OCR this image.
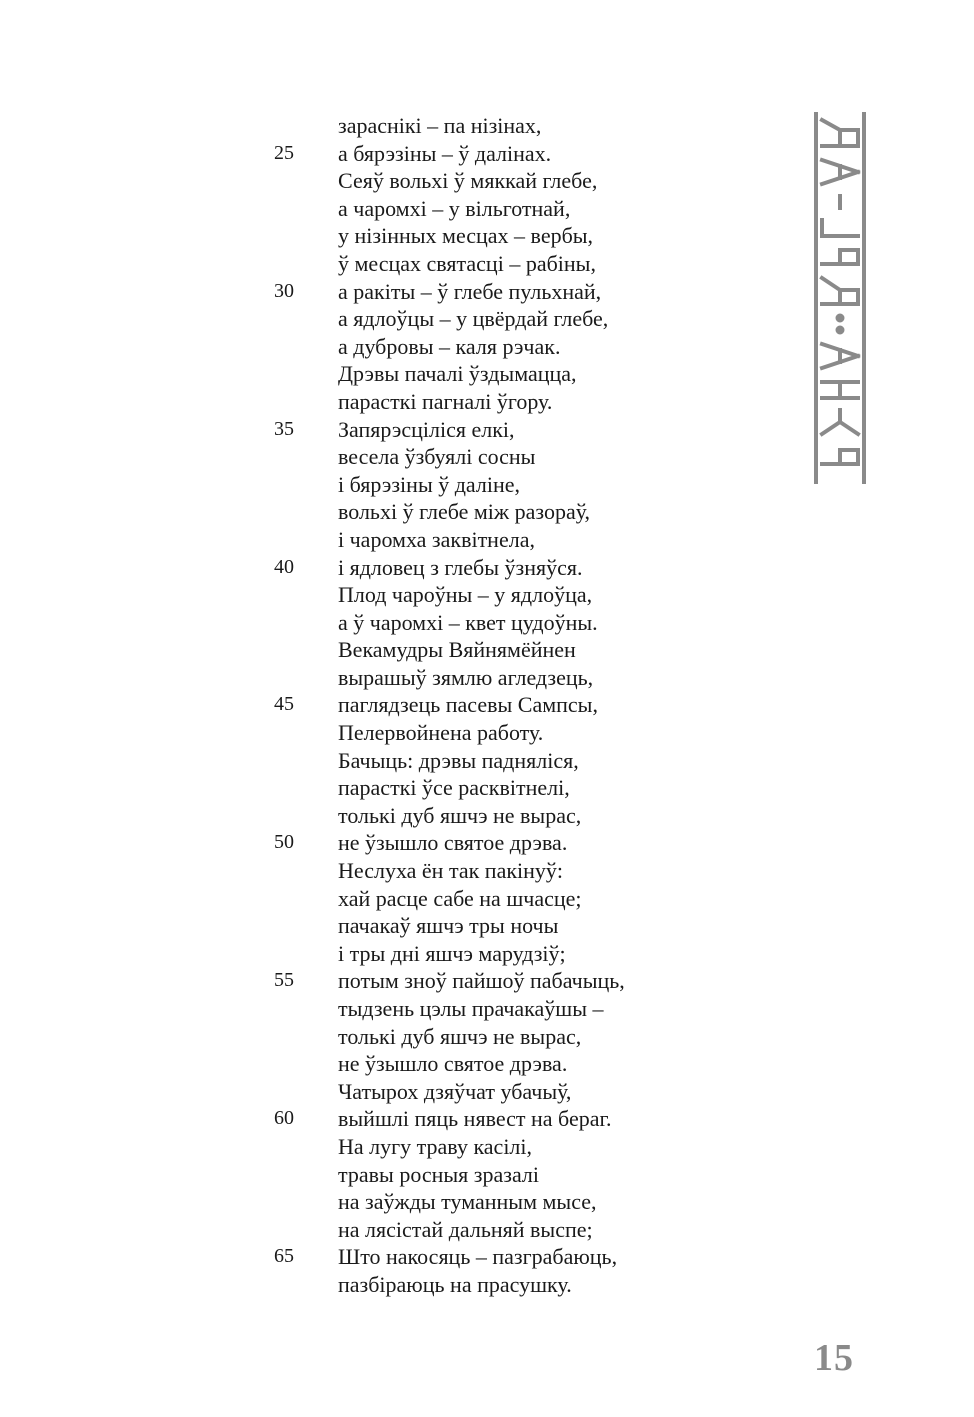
зараснікі – па нізінах,
25	а бярэзіны – ў далінах.
Сеяў вольхі ў мяккай глебе,
а чаромхі – у вільготнай,
у нізінных месцах – вербы,
ў месцах святасці – рабіны,
30	а ракіты – ў глебе пульхнай,
а ядлоўцы – у цвёрдай глебе,
а дубровы – каля рэчак.
Дрэвы пачалі ўздымацца,
парасткі пагналі ўгору.
35	Запярэсціліся елкі,
весела ўзбуялі сосны
і бярэзіны ў даліне,
вольхі ў глебе між разораў,
і чаромха заквітнела,
40	і ядловец з глебы ўзняўся.
Плод чароўны – у ядлоўца,
а ў чаромхі – квет цудоўны.
Векамудры Вяйнямёйнен
вырашыў зямлю агледзець,
45	паглядзець пасевы Сампсы,
Пелервойнена работу.
Бачыць: дрэвы падняліся,
парасткі ўсе расквітнелі,
толькі дуб яшчэ не вырас,
50	не ўзышло святое дрэва.
Неслуха ён так пакінуў:
хай расце сабе на шчасце;
пачакаў яшчэ тры ночы
і тры дні яшчэ марудзіў;
55	потым зноў пайшоў пабачыць,
тыдзень цэлы прачакаўшы –
толькі дуб яшчэ не вырас,
не ўзышло святое дрэва.
Чатырох дзяўчат убачыў,
60	выйшлі пяць нявест на бераг.
На лугу траву касілі,
травы росныя зразалі
на заўжды туманным мысе,
на лясістай дальняй выспе;
65	Што накосяць – пазграбаюць,
пазбіраюць на прасушку.
15
